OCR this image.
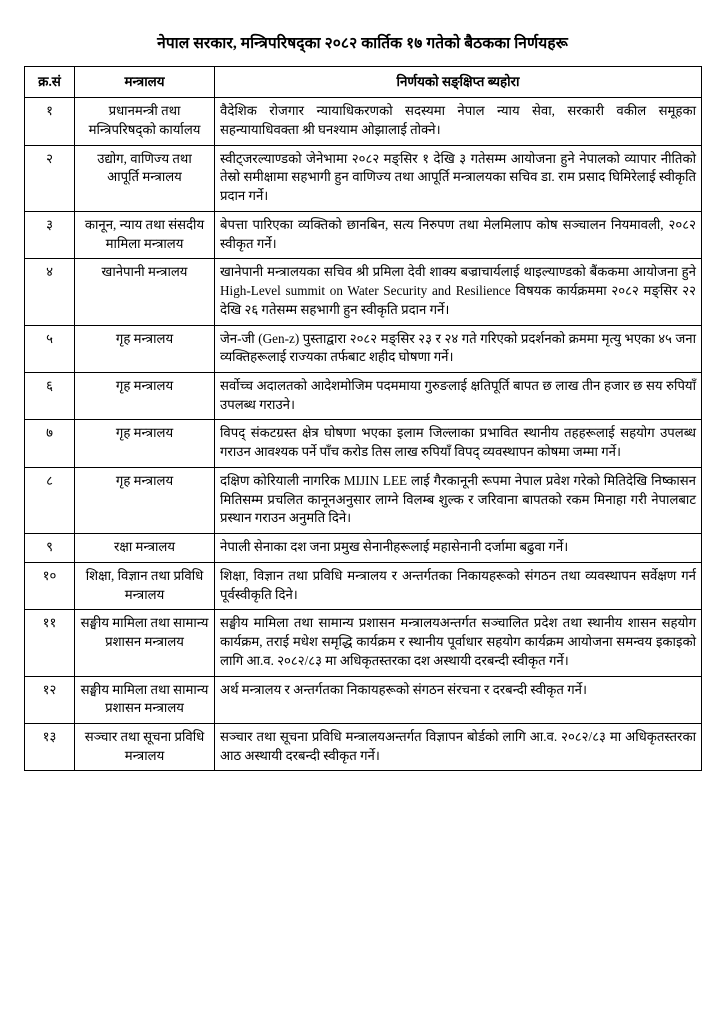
नेपाल सरकार, मन्त्रिपरिषद्का २०८२ कार्तिक १७ गतेको बैठकका निर्णयहरू
क्र.सं	मन्त्रालय	निर्णयको सङ्क्षिप्त ब्यहोरा
१	प्रधानमन्त्री तथा मन्त्रिपरिषद्को कार्यालय	वैदेशिक रोजगार न्यायाधिकरणको सदस्यमा नेपाल न्याय सेवा, सरकारी वकील समूहका सहन्यायाधिवक्ता श्री घनश्याम ओझालाई तोक्ने।
२	उद्योग, वाणिज्य तथा आपूर्ति मन्त्रालय	स्वीट्जरल्याण्डको जेनेभामा २०८२ मङ्सिर १ देखि ३ गतेसम्म आयोजना हुने नेपालको व्यापार नीतिको तेस्रो समीक्षामा सहभागी हुन वाणिज्य तथा आपूर्ति मन्त्रालयका सचिव डा. राम प्रसाद घिमिरेलाई स्वीकृति प्रदान गर्ने।
३	कानून, न्याय तथा संसदीय मामिला मन्त्रालय	बेपत्ता पारिएका व्यक्तिको छानबिन, सत्य निरुपण तथा मेलमिलाप कोष सञ्चालन नियमावली, २०८२ स्वीकृत गर्ने।
४	खानेपानी मन्त्रालय	खानेपानी मन्त्रालयका सचिव श्री प्रमिला देवी शाक्य बज्राचार्यलाई थाइल्याण्डको बैंककमा आयोजना हुने High-Level summit on Water Security and Resilience विषयक कार्यक्रममा २०८२ मङ्सिर २२ देखि २६ गतेसम्म सहभागी हुन स्वीकृति प्रदान गर्ने।
५	गृह मन्त्रालय	जेन-जी (Gen-z) पुस्ताद्वारा २०८२ मङ्सिर २३ र २४ गते गरिएको प्रदर्शनको क्रममा मृत्यु भएका ४५ जना व्यक्तिहरूलाई राज्यका तर्फबाट शहीद घोषणा गर्ने।
६	गृह मन्त्रालय	सर्वोच्च अदालतको आदेशमोजिम पदममाया गुरुङलाई क्षतिपूर्ति बापत छ लाख तीन हजार छ सय रुपियाँ उपलब्ध गराउने।
७	गृह मन्त्रालय	विपद् संकटग्रस्त क्षेत्र घोषणा भएका इलाम जिल्लाका प्रभावित स्थानीय तहहरूलाई सहयोग उपलब्ध गराउन आवश्यक पर्ने पाँच करोड तिस लाख रुपियाँ विपद् व्यवस्थापन कोषमा जम्मा गर्ने।
८	गृह मन्त्रालय	दक्षिण कोरियाली नागरिक MIJIN LEE लाई गैरकानूनी रूपमा नेपाल प्रवेश गरेको मितिदेखि निष्कासन मितिसम्म प्रचलित कानूनअनुसार लाग्ने विलम्ब शुल्क र जरिवाना बापतको रकम मिनाहा गरी नेपालबाट प्रस्थान गराउन अनुमति दिने।
९	रक्षा मन्त्रालय	नेपाली सेनाका दश जना प्रमुख सेनानीहरूलाई महासेनानी दर्जामा बढुवा गर्ने।
१०	शिक्षा, विज्ञान तथा प्रविधि मन्त्रालय	शिक्षा, विज्ञान तथा प्रविधि मन्त्रालय र अन्तर्गतका निकायहरूको संगठन तथा व्यवस्थापन सर्वेक्षण गर्न पूर्वस्वीकृति दिने।
११	सङ्घीय मामिला तथा सामान्य प्रशासन मन्त्रालय	सङ्घीय मामिला तथा सामान्य प्रशासन मन्त्रालयअन्तर्गत सञ्चालित प्रदेश तथा स्थानीय शासन सहयोग कार्यक्रम, तराई मधेश समृद्धि कार्यक्रम र स्थानीय पूर्वाधार सहयोग कार्यक्रम आयोजना समन्वय इकाइको लागि आ.व. २०८२/८३ मा अधिकृतस्तरका दश अस्थायी दरबन्दी स्वीकृत गर्ने।
१२	सङ्घीय मामिला तथा सामान्य प्रशासन मन्त्रालय	अर्थ मन्त्रालय र अन्तर्गतका निकायहरूको संगठन संरचना र दरबन्दी स्वीकृत गर्ने।
१३	सञ्चार तथा सूचना प्रविधि मन्त्रालय	सञ्चार तथा सूचना प्रविधि मन्त्रालयअन्तर्गत विज्ञापन बोर्डको लागि आ.व. २०८२/८३ मा अधिकृतस्तरका आठ अस्थायी दरबन्दी स्वीकृत गर्ने।
